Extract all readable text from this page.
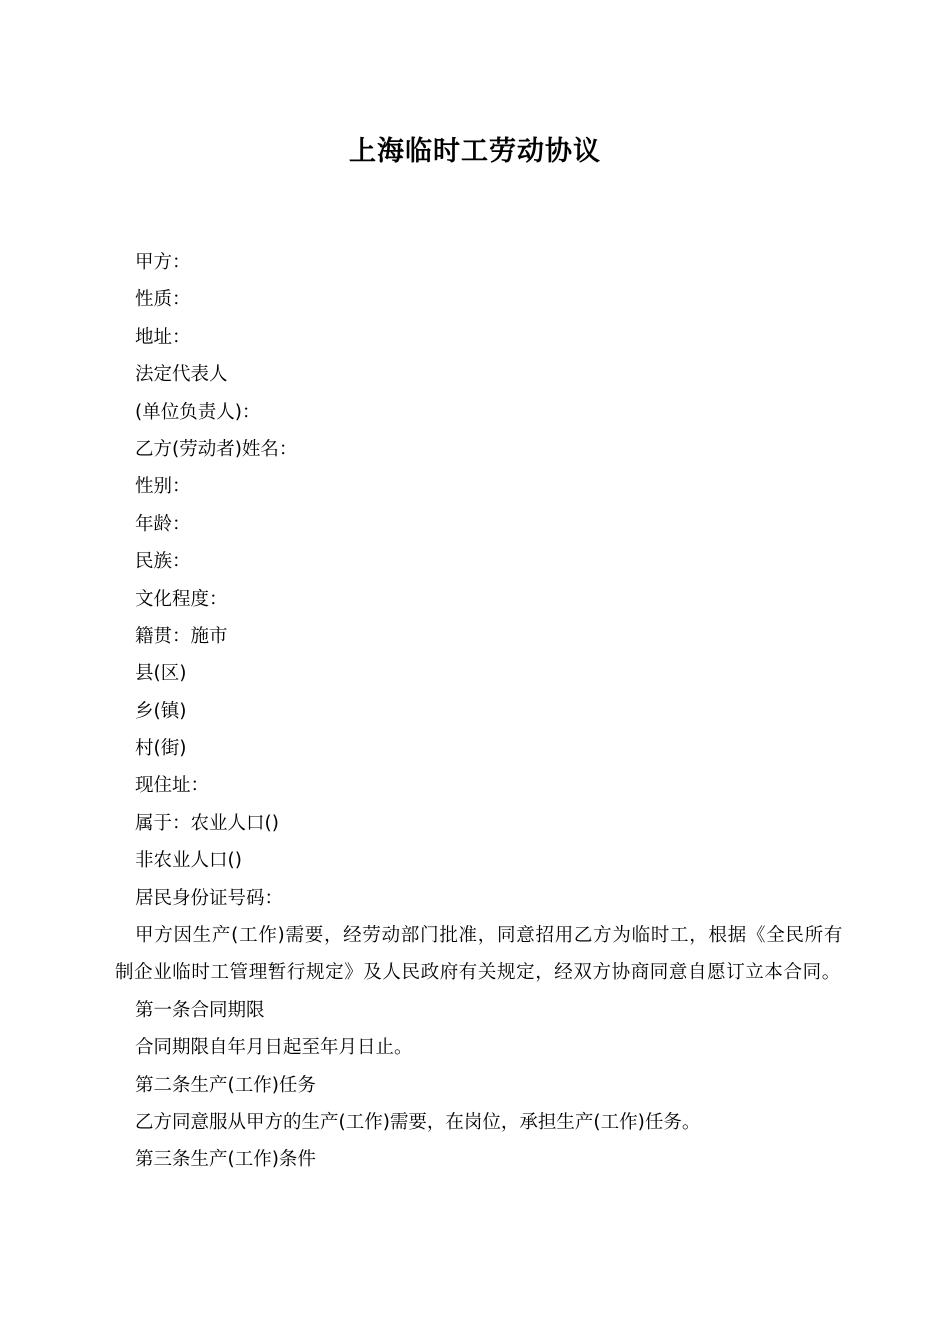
上海临时工劳动协议
甲方：
性质：
地址：
法定代表人
(单位负责人)：
乙方(劳动者)姓名：
性别：
年龄：
民族：
文化程度：
籍贯：施市
县(区)
乡(镇)
村(街)
现住址：
属于：农业人口()
非农业人口()
居民身份证号码：
甲方因生产(工作)需要，经劳动部门批准，同意招用乙方为临时工，根据《全民所有制企业临时工管理暂行规定》及人民政府有关规定，经双方协商同意自愿订立本合同。
第一条合同期限
合同期限自年月日起至年月日止。
第二条生产(工作)任务
乙方同意服从甲方的生产(工作)需要，在岗位，承担生产(工作)任务。
第三条生产(工作)条件
